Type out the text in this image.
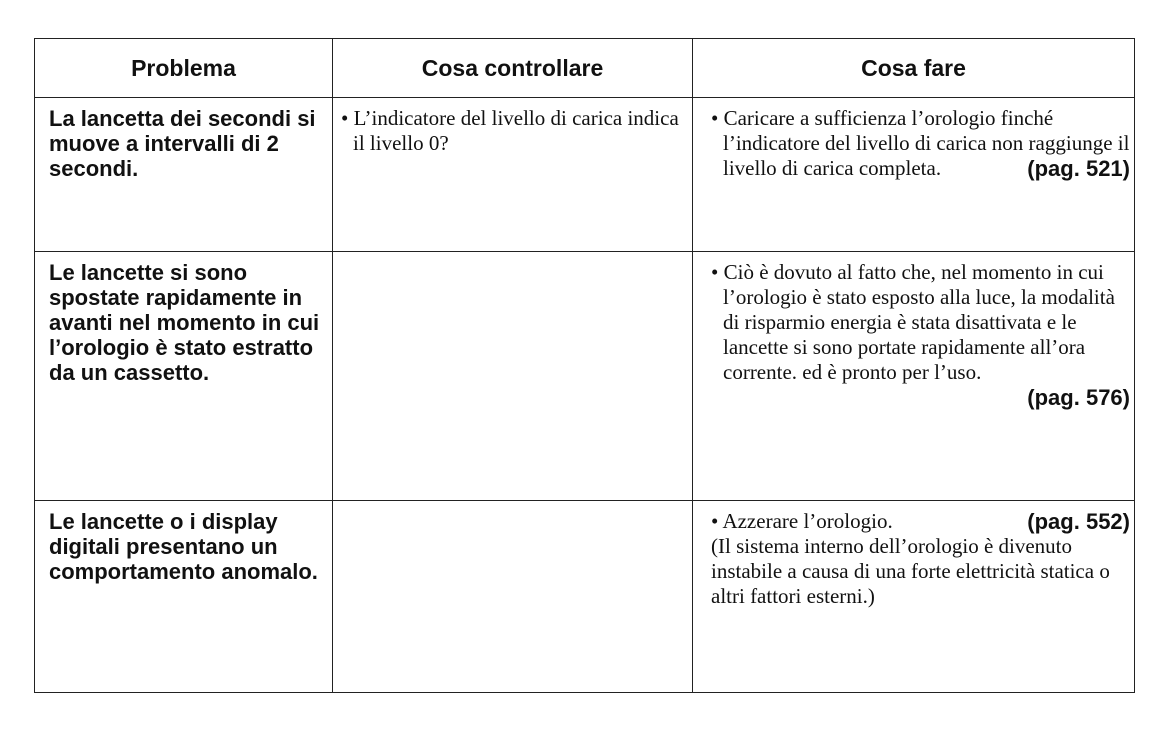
Problema	Cosa controllare	Cosa fare

La lancetta dei secondi si muove a intervalli di 2 secondi.	• L’indicatore del livello di carica indica il livello 0?	• Caricare a sufficienza l’orologio finché l’indicatore del livello di carica non raggiunge il livello di carica completa. (pag. 521)

Le lancette si sono spostate rapidamente in avanti nel momento in cui l’orologio è stato estratto da un cassetto.		• Ciò è dovuto al fatto che, nel momento in cui l’orologio è stato esposto alla luce, la modalità di risparmio energia è stata disattivata e le lancette si sono portate rapidamente all’ora corrente. ed è pronto per l’uso.
(pag. 576)

Le lancette o i display digitali presentano un comportamento anomalo.		• Azzerare l’orologio. (pag. 552)
(Il sistema interno dell’orologio è divenuto instabile a causa di una forte elettricità statica o altri fattori esterni.)
